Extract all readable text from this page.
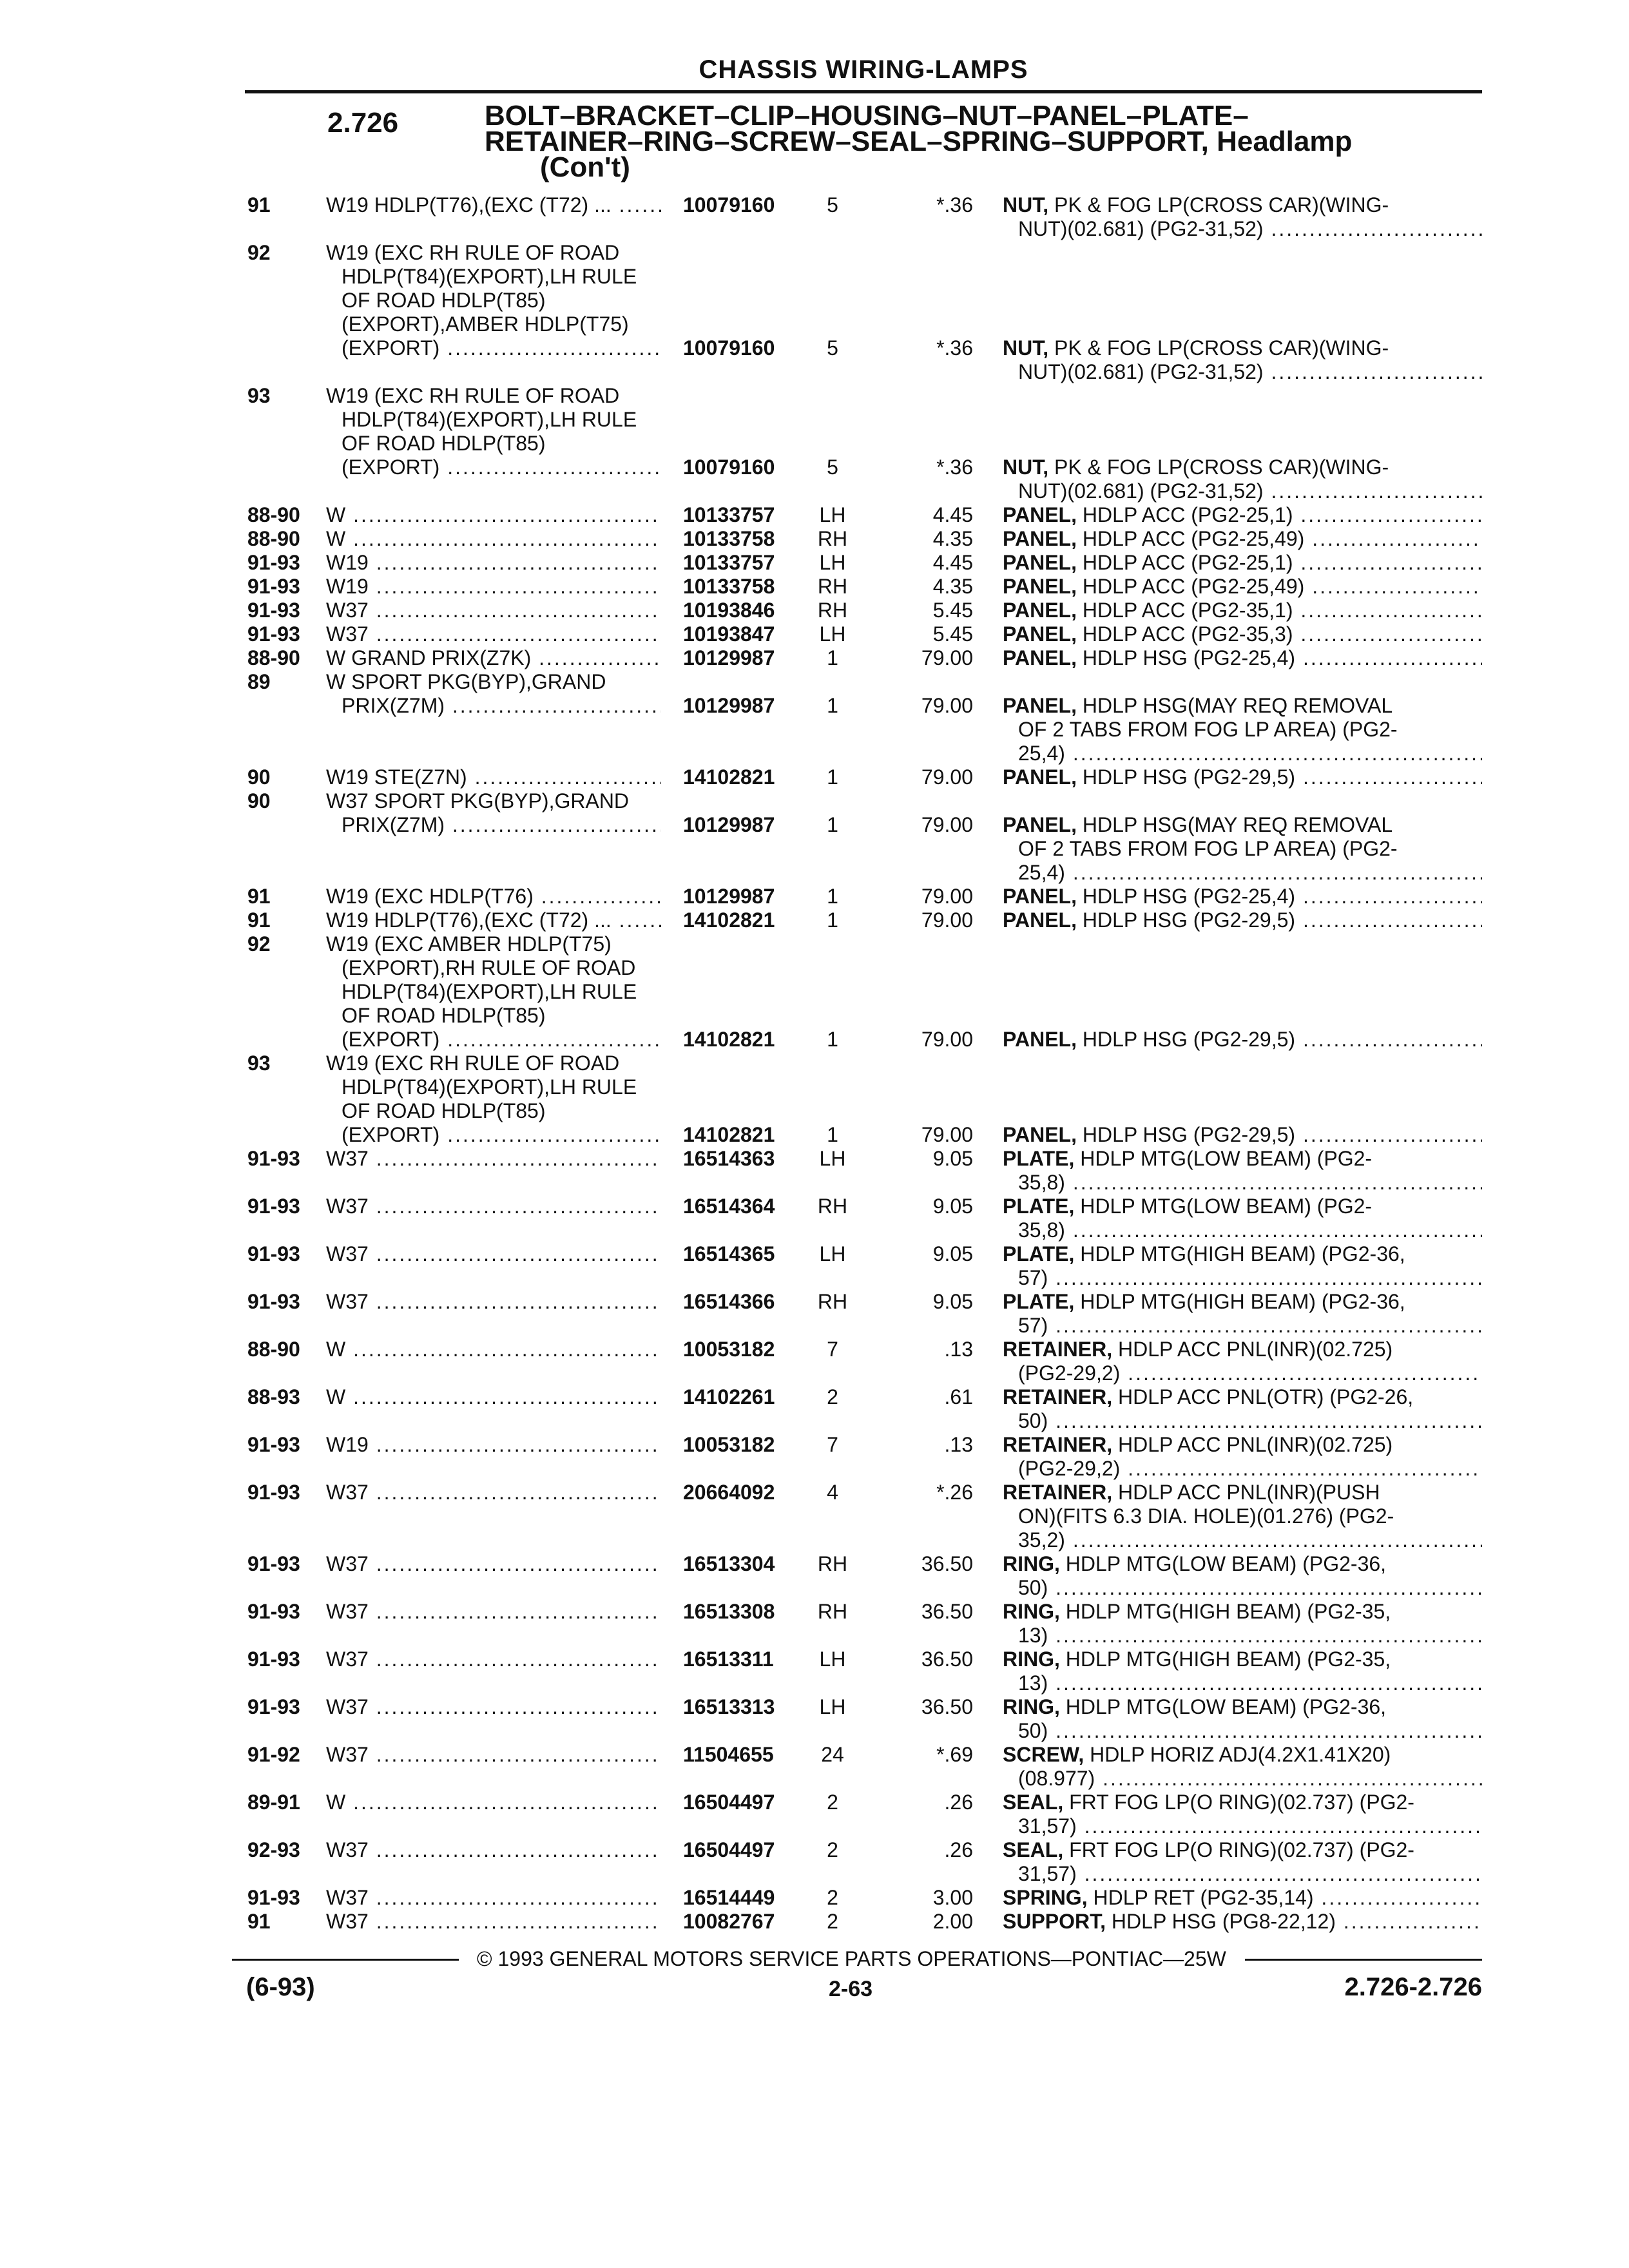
CHASSIS WIRING-LAMPS
2.726	BOLT–BRACKET–CLIP–HOUSING–NUT–PANEL–PLATE–
RETAINER–RING–SCREW–SEAL–SPRING–SUPPORT, Headlamp
(Con't)
91	W19 HDLP(T76),(EXC (T72) ... .....	10079160	5	*.36 NUT, PK & FOG LP(CROSS CAR)(WING-
NUT)(02.681) (PG2-31,52) .....
92	W19 (EXC RH RULE OF ROAD
HDLP(T84)(EXPORT),LH RULE
OF ROAD HDLP(T85)
(EXPORT),AMBER HDLP(T75)
(EXPORT) .....	10079160	5	*.36 NUT, PK & FOG LP(CROSS CAR)(WING-
NUT)(02.681) (PG2-31,52) .....
93	W19 (EXC RH RULE OF ROAD
HDLP(T84)(EXPORT),LH RULE
OF ROAD HDLP(T85)
(EXPORT) .....	10079160	5	*.36 NUT, PK & FOG LP(CROSS CAR)(WING-
NUT)(02.681) (PG2-31,52) .....
88-90 W .....	10133757 LH	4.45 PANEL, HDLP ACC (PG2-25,1) .....
88-90 W .....	10133758 RH	4.35 PANEL, HDLP ACC (PG2-25,49) .....
91-93 W19 .....	10133757 LH	4.45 PANEL, HDLP ACC (PG2-25,1) .....
91-93 W19 .....	10133758 RH	4.35 PANEL, HDLP ACC (PG2-25,49) .....
91-93 W37 .....	10193846 RH	5.45 PANEL, HDLP ACC (PG2-35,1) .....
91-93 W37 .....	10193847 LH	5.45 PANEL, HDLP ACC (PG2-35,3) .....
88-90 W GRAND PRIX(Z7K) .....	10129987	1	79.00 PANEL, HDLP HSG (PG2-25,4) .....
89	W SPORT PKG(BYP),GRAND
PRIX(Z7M) .....	10129987	1	79.00 PANEL, HDLP HSG(MAY REQ REMOVAL
OF 2 TABS FROM FOG LP AREA) (PG2-
25,4) .....
90	W19 STE(Z7N) .....	14102821	1	79.00 PANEL, HDLP HSG (PG2-29,5) .....
90	W37 SPORT PKG(BYP),GRAND
PRIX(Z7M) .....	10129987	1	79.00 PANEL, HDLP HSG(MAY REQ REMOVAL
OF 2 TABS FROM FOG LP AREA) (PG2-
25,4) .....
91	W19 (EXC HDLP(T76) .....	10129987	1	79.00 PANEL, HDLP HSG (PG2-25,4) .....
91	W19 HDLP(T76),(EXC (T72) ... .....	14102821	1	79.00 PANEL, HDLP HSG (PG2-29,5) .....
92	W19 (EXC AMBER HDLP(T75)
(EXPORT),RH RULE OF ROAD
HDLP(T84)(EXPORT),LH RULE
OF ROAD HDLP(T85)
(EXPORT) .....	14102821	1	79.00 PANEL, HDLP HSG (PG2-29,5) .....
93	W19 (EXC RH RULE OF ROAD
HDLP(T84)(EXPORT),LH RULE
OF ROAD HDLP(T85)
(EXPORT) .....	14102821	1	79.00 PANEL, HDLP HSG (PG2-29,5) .....
91-93 W37 .....	16514363 LH	9.05 PLATE, HDLP MTG(LOW BEAM) (PG2-
35,8) .....
91-93 W37 .....	16514364 RH	9.05 PLATE, HDLP MTG(LOW BEAM) (PG2-
35,8) .....
91-93 W37 .....	16514365 LH	9.05 PLATE, HDLP MTG(HIGH BEAM) (PG2-36,
57) .....
91-93 W37 .....	16514366 RH	9.05 PLATE, HDLP MTG(HIGH BEAM) (PG2-36,
57) .....
88-90 W .....	10053182	7	.13 RETAINER, HDLP ACC PNL(INR)(02.725)
(PG2-29,2) .....
88-93 W .....	14102261	2	.61 RETAINER, HDLP ACC PNL(OTR) (PG2-26,
50) .....
91-93 W19 .....	10053182	7	.13 RETAINER, HDLP ACC PNL(INR)(02.725)
(PG2-29,2) .....
91-93 W37 .....	20664092	4	*.26 RETAINER, HDLP ACC PNL(INR)(PUSH
ON)(FITS 6.3 DIA. HOLE)(01.276) (PG2-
35,2) .....
91-93 W37 .....	16513304 RH	36.50 RING, HDLP MTG(LOW BEAM) (PG2-36,
50) .....
91-93 W37 .....	16513308 RH	36.50 RING, HDLP MTG(HIGH BEAM) (PG2-35,
13) .....
91-93 W37 .....	16513311 LH	36.50 RING, HDLP MTG(HIGH BEAM) (PG2-35,
13) .....
91-93 W37 .....	16513313 LH	36.50 RING, HDLP MTG(LOW BEAM) (PG2-36,
50) .....
91-92 W37 .....	11504655	24	*.69 SCREW, HDLP HORIZ ADJ(4.2X1.41X20)
(08.977) .....
89-91 W .....	16504497	2	.26 SEAL, FRT FOG LP(O RING)(02.737) (PG2-
31,57) .....
92-93 W37 .....	16504497	2	.26 SEAL, FRT FOG LP(O RING)(02.737) (PG2-
31,57) .....
91-93 W37 .....	16514449	2	3.00 SPRING, HDLP RET (PG2-35,14) .....
91	W37 .....	10082767	2	2.00 SUPPORT, HDLP HSG (PG8-22,12) .....
© 1993 GENERAL MOTORS SERVICE PARTS OPERATIONS—PONTIAC—25W
(6-93)	2-63	2.726-2.726
